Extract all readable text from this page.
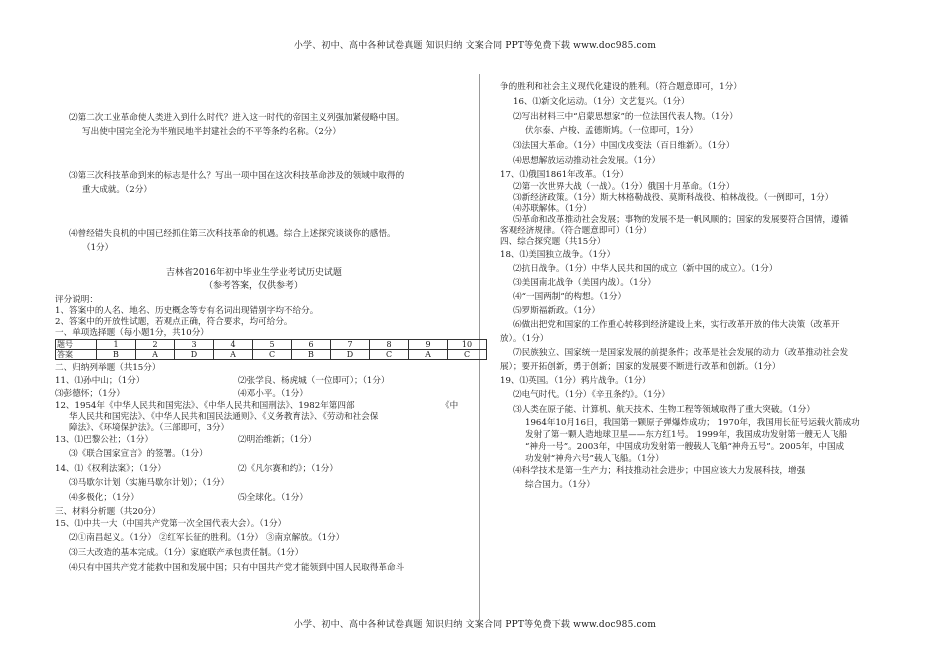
小学、初中、高中各种试卷真题 知识归纳 文案合同 PPT等免费下载 www.doc985.com
⑵第二次工业革命使人类进入到什么时代？进入这一时代的帝国主义列强加紧侵略中国。
写出使中国完全沦为半殖民地半封建社会的不平等条约名称。（2分）
⑶第三次科技革命到来的标志是什么？写出一项中国在这次科技革命涉及的领域中取得的
重大成就。（2分）
⑷曾经错失良机的中国已经抓住第三次科技革命的机遇。综合上述探究谈谈你的感悟。
（1分）
吉林省2016年初中毕业生学业考试历史试题
（参考答案，仅供参考）
评分说明：
1、答案中的人名、地名、历史概念等专有名词出现错别字均不给分。
2、答案中的开放性试题，若观点正确，符合要求，均可给分。
一、单项选择题（每小题1分，共10分）
题号	1	2	3	4	5	6	7	8	9	10
答案	B	A	D	A	C	B	D	C	A	C
二、归纳列举题（共15分）
11、⑴孙中山；（1分）	⑵张学良、杨虎城（一位即可）；（1分）
⑶彭德怀；（1分）	⑷邓小平。（1分）
12、1954年《中华人民共和国宪法》、《中华人民共和国刑法》、1982年第四部	《中
华人民共和国宪法》、《中华人民共和国民法通则》、《义务教育法》、《劳动和社会保
障法》、《环境保护法》。（三部即可，3分）
13、⑴巴黎公社；（1分）	⑵明治维新；（1分）
⑶《联合国家宣言》的签署。（1分）
14、⑴《权利法案》；（1分）	⑵《凡尔赛和约》；（1分）
⑶马歇尔计划（实施马歇尔计划）；（1分）
⑷多极化；（1分）	⑸全球化。（1分）
三、材料分析题（共20分）
15、⑴中共一大（中国共产党第一次全国代表大会）。（1分）
⑵①南昌起义。（1分） ②红军长征的胜利。（1分） ③南京解放。（1分）
⑶三大改造的基本完成。（1分）家庭联产承包责任制。（1分）
⑷只有中国共产党才能救中国和发展中国；只有中国共产党才能领到中国人民取得革命斗
争的胜利和社会主义现代化建设的胜利。（符合题意即可，1分）
16、⑴新文化运动。（1分）文艺复兴。（1分）
⑵写出材料三中“启蒙思想家”的一位法国代表人物。（1分）
伏尔泰、卢梭、孟德斯鸠。（一位即可，1分）
⑶法国大革命。（1分）中国戊戌变法（百日维新）。（1分）
⑷思想解放运动推动社会发展。（1分）
17、⑴俄国1861年改革。（1分）
⑵第一次世界大战（一战）。（1分）俄国十月革命。（1分）
⑶新经济政策。（1分）斯大林格勒战役、莫斯科战役、柏林战役。（一例即可，1分）
⑷苏联解体。（1分）
⑸革命和改革推动社会发展；事物的发展不是一帆风顺的；国家的发展要符合国情，遵循
客观经济规律。（符合题意即可）（1分）
四、综合探究题（共15分）
18、⑴美国独立战争。（1分）
⑵抗日战争。（1分）中华人民共和国的成立（新中国的成立）。（1分）
⑶美国南北战争（美国内战）。（1分）
⑷“一国两制”的构想。（1分）
⑸罗斯福新政。（1分）
⑹做出把党和国家的工作重心转移到经济建设上来，实行改革开放的伟大决策（改革开
放）。（1分）
⑺民族独立、国家统一是国家发展的前提条件；改革是社会发展的动力（改革推动社会发
展）；要开拓创新，勇于创新；国家的发展要不断进行改革和创新。（1分）
19、⑴英国。（1分）鸦片战争。（1分）
⑵电气时代。（1分）《辛丑条约》。（1分）
⑶人类在原子能、计算机、航天技术、生物工程等领域取得了重大突破。（1分）
1964年10月16日，我国第一颗原子弹爆炸成功； 1970年，我国用长征号运载火箭成功
发射了第一颗人造地球卫星——东方红1号。 1999年，我国成功发射第一艘无人飞船
“神舟一号”。2003年，中国成功发射第一艘载人飞船“神舟五号”。2005年，中国成
功发射“神舟六号”载人飞船。（1分）
⑷科学技术是第一生产力；科技推动社会进步；中国应该大力发展科技，增强
综合国力。（1分）
小学、初中、高中各种试卷真题 知识归纳 文案合同 PPT等免费下载 www.doc985.com
